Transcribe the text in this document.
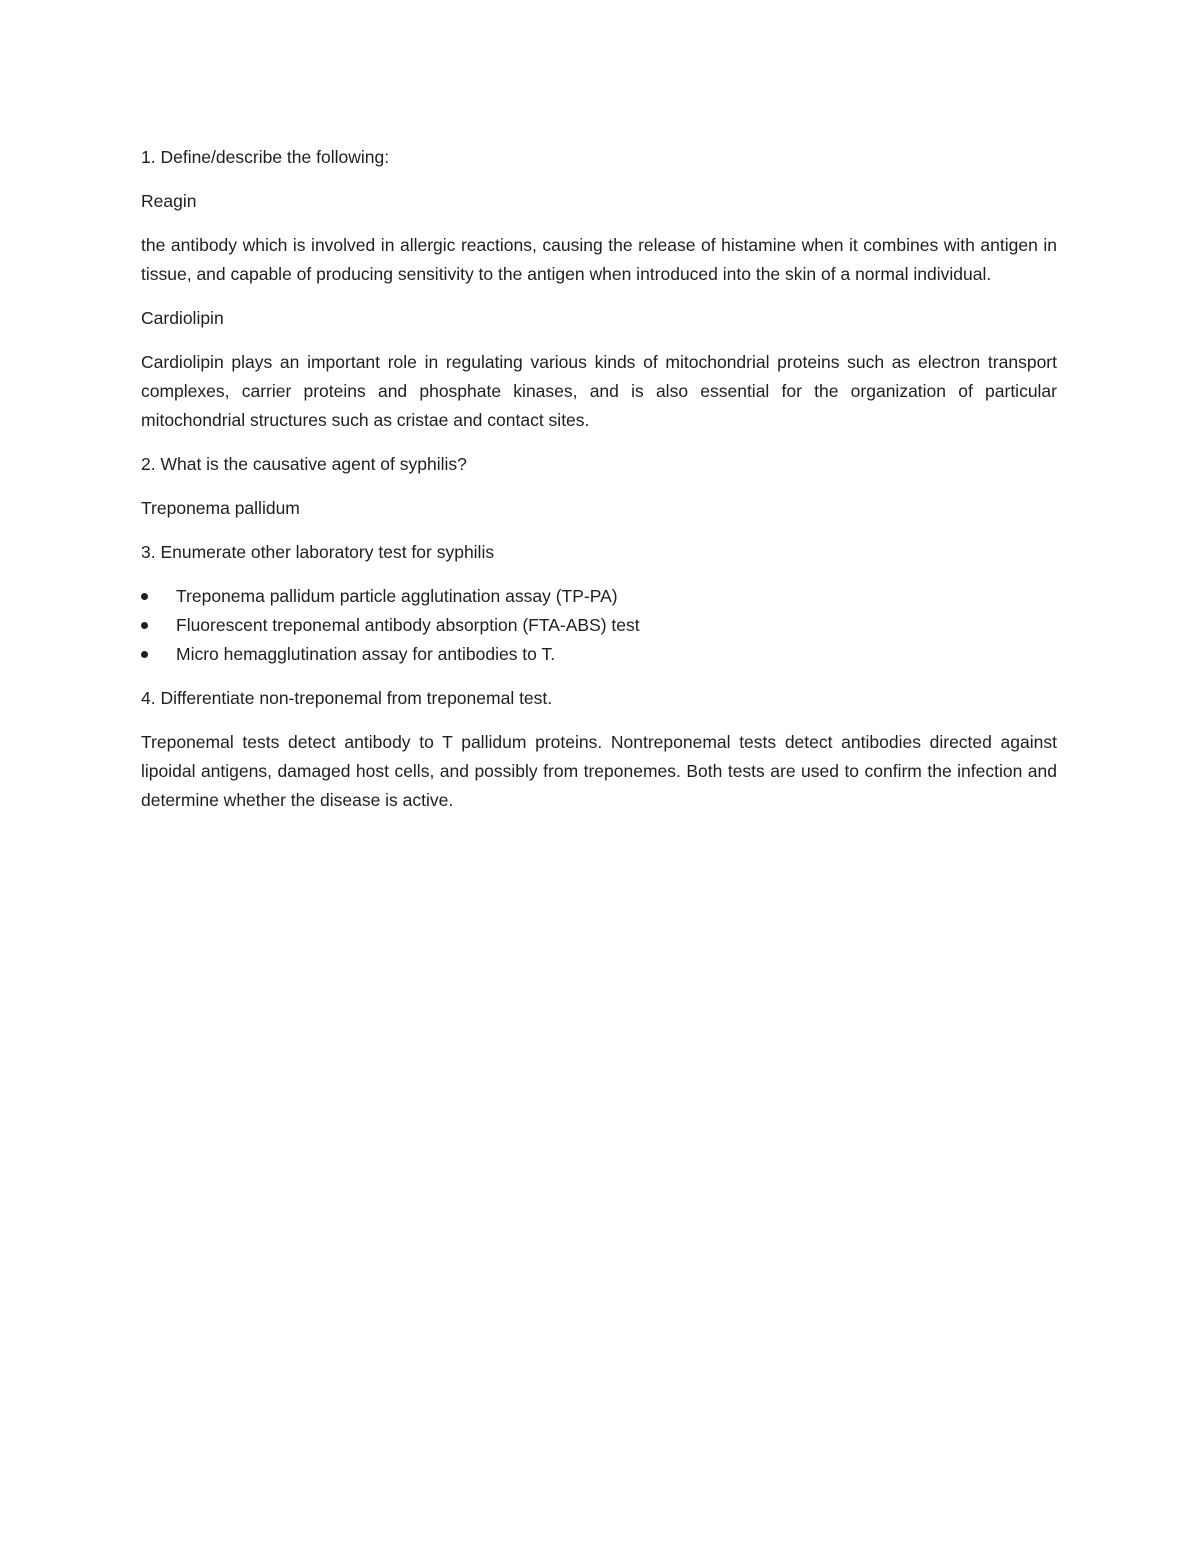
1. Define/describe the following:

Reagin

the antibody which is involved in allergic reactions, causing the release of histamine when it combines with antigen in tissue, and capable of producing sensitivity to the antigen when introduced into the skin of a normal individual.

Cardiolipin

Cardiolipin plays an important role in regulating various kinds of mitochondrial proteins such as electron transport complexes, carrier proteins and phosphate kinases, and is also essential for the organization of particular mitochondrial structures such as cristae and contact sites.

2. What is the causative agent of syphilis?

Treponema pallidum

3. Enumerate other laboratory test for syphilis

Treponema pallidum particle agglutination assay (TP-PA)
Fluorescent treponemal antibody absorption (FTA-ABS) test
Micro hemagglutination assay for antibodies to T.

4. Differentiate non-treponemal from treponemal test.

Treponemal tests detect antibody to T pallidum proteins. Nontreponemal tests detect antibodies directed against lipoidal antigens, damaged host cells, and possibly from treponemes. Both tests are used to confirm the infection and determine whether the disease is active.
